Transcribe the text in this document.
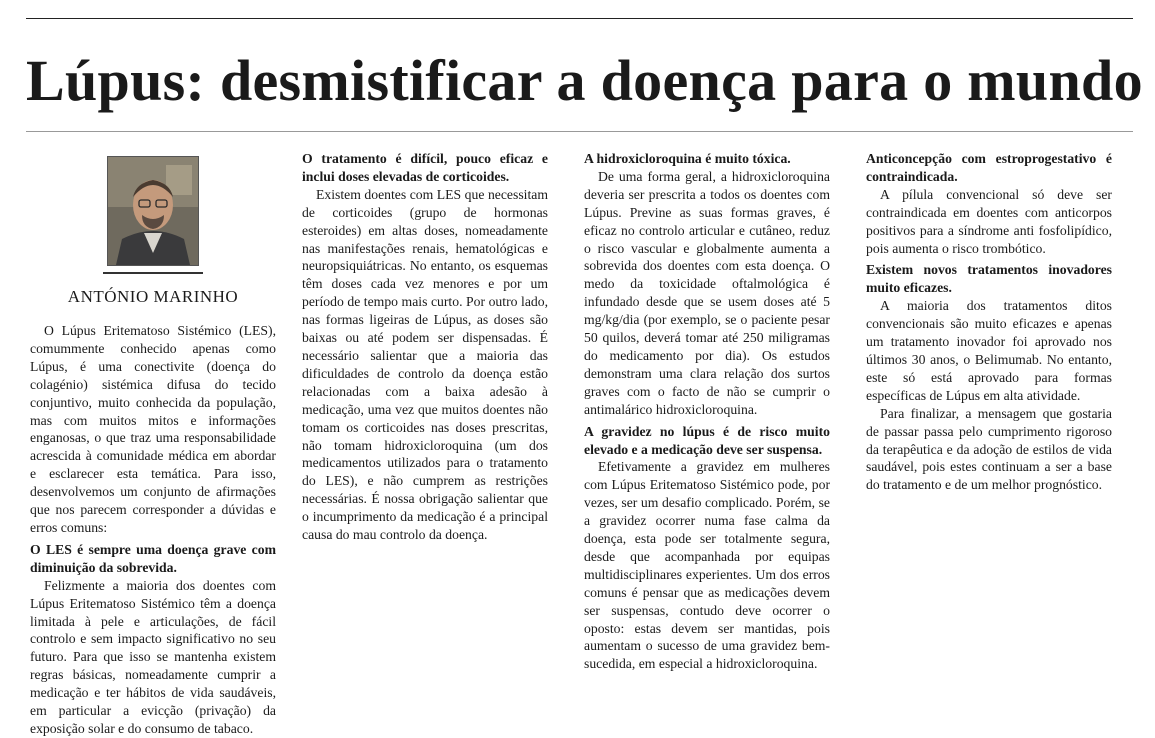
Lúpus: desmistificar a doença para o mundo
ANTÓNIO MARINHO

O Lúpus Eritematoso Sistémico (LES), comummente conhecido apenas como Lúpus, é uma conectivite (doença do colagénio) sistémica difusa do tecido conjuntivo, muito conhecida da população, mas com muitos mitos e informações enganosas, o que traz uma responsabilidade acrescida à comunidade médica em abordar e esclarecer esta temática. Para isso, desenvolvemos um conjunto de afirmações que nos parecem corresponder a dúvidas e erros comuns:

O LES é sempre uma doença grave com diminuição da sobrevida.

Felizmente a maioria dos doentes com Lúpus Eritematoso Sistémico têm a doença limitada à pele e articulações, de fácil controlo e sem impacto significativo no seu futuro. Para que isso se mantenha existem regras básicas, nomeadamente cumprir a medicação e ter hábitos de vida saudáveis, em particular a evicção (privação) da exposição solar e do consumo de tabaco.

O tratamento é difícil, pouco eficaz e inclui doses elevadas de corticoides.

Existem doentes com LES que necessitam de corticoides (grupo de hormonas esteroides) em altas doses, nomeadamente nas manifestações renais, hematológicas e neuropsiquiátricas. No entanto, os esquemas têm doses cada vez menores e por um período de tempo mais curto. Por outro lado, nas formas ligeiras de Lúpus, as doses são baixas ou até podem ser dispensadas. É necessário salientar que a maioria das dificuldades de controlo da doença estão relacionadas com a baixa adesão à medicação, uma vez que muitos doentes não tomam os corticoides nas doses prescritas, não tomam hidroxicloroquina (um dos medicamentos utilizados para o tratamento do LES), e não cumprem as restrições necessárias. É nossa obrigação salientar que o incumprimento da medicação é a principal causa do mau controlo da doença.

A hidroxicloroquina é muito tóxica.

De uma forma geral, a hidroxicloroquina deveria ser prescrita a todos os doentes com Lúpus. Previne as suas formas graves, é eficaz no controlo articular e cutâneo, reduz o risco vascular e globalmente aumenta a sobrevida dos doentes com esta doença. O medo da toxicidade oftalmológica é infundado desde que se usem doses até 5 mg/kg/dia (por exemplo, se o paciente pesar 50 quilos, deverá tomar até 250 miligramas do medicamento por dia). Os estudos demonstram uma clara relação dos surtos graves com o facto de não se cumprir o antimalárico hidroxicloroquina.

A gravidez no lúpus é de risco muito elevado e a medicação deve ser suspensa.

Efetivamente a gravidez em mulheres com Lúpus Eritematoso Sistémico pode, por vezes, ser um desafio complicado. Porém, se a gravidez ocorrer numa fase calma da doença, esta pode ser totalmente segura, desde que acompanhada por equipas multidisciplinares experientes. Um dos erros comuns é pensar que as medicações devem ser suspensas, contudo deve ocorrer o oposto: estas devem ser mantidas, pois aumentam o sucesso de uma gravidez bem-sucedida, em especial a hidroxicloroquina.

Anticoncepção com estroprogestativo é contraindicada.

A pílula convencional só deve ser contraindicada em doentes com anticorpos positivos para a síndrome anti fosfolipídico, pois aumenta o risco trombótico.

Existem novos tratamentos inovadores muito eficazes.

A maioria dos tratamentos ditos convencionais são muito eficazes e apenas um tratamento inovador foi aprovado nos últimos 30 anos, o Belimumab. No entanto, este só está aprovado para formas específicas de Lúpus em alta atividade.

Para finalizar, a mensagem que gostaria de passar passa pelo cumprimento rigoroso da terapêutica e da adoção de estilos de vida saudável, pois estes continuam a ser a base do tratamento e de um melhor prognóstico.
